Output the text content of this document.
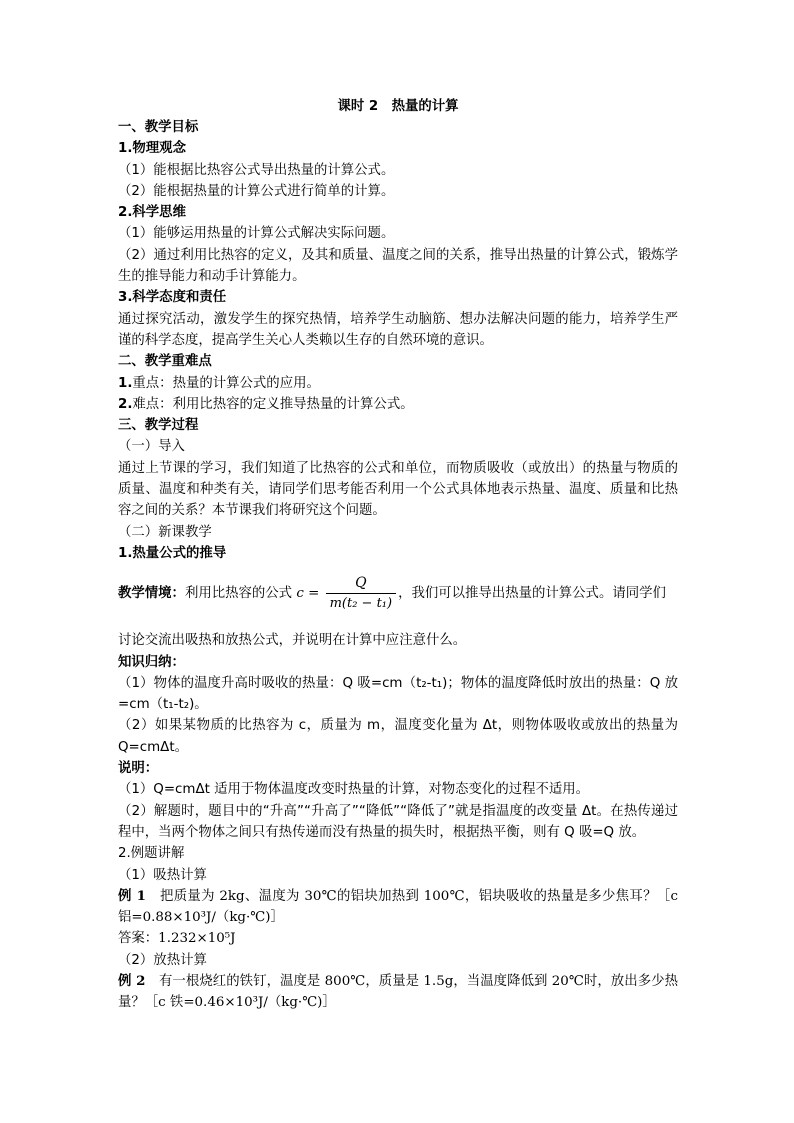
课时 2　热量的计算
一、教学目标
1.物理观念
（1）能根据比热容公式导出热量的计算公式。
（2）能根据热量的计算公式进行简单的计算。
2.科学思维
（1）能够运用热量的计算公式解决实际问题。
（2）通过利用比热容的定义，及其和质量、温度之间的关系，推导出热量的计算公式，锻炼学生的推导能力和动手计算能力。
3.科学态度和责任
通过探究活动，激发学生的探究热情，培养学生动脑筋、想办法解决问题的能力，培养学生严谨的科学态度，提高学生关心人类赖以生存的自然环境的意识。
二、教学重难点
1.重点：热量的计算公式的应用。
2.难点：利用比热容的定义推导热量的计算公式。
三、教学过程
（一）导入
通过上节课的学习，我们知道了比热容的公式和单位，而物质吸收（或放出）的热量与物质的质量、温度和种类有关，请同学们思考能否利用一个公式具体地表示热量、温度、质量和比热容之间的关系？本节课我们将研究这个问题。
（二）新课教学
1.热量公式的推导
教学情境：利用比热容的公式 $c = \frac{Q}{\text{m(t₂ − t₁)}}$ ，我们可以推导出热量的计算公式。请同学们
讨论交流出吸热和放热公式，并说明在计算中应注意什么。
知识归纳：
（1）物体的温度升高时吸收的热量：Q 吸=cm（t₂-t₁)；物体的温度降低时放出的热量：Q 放=cm（t₁-t₂)。
（2）如果某物质的比热容为 c，质量为 m，温度变化量为 Δt，则物体吸收或放出的热量为 Q=cmΔt。
说明：
（1）Q=cmΔt 适用于物体温度改变时热量的计算，对物态变化的过程不适用。
（2）解题时，题目中的“升高”“升高了”“降低”“降低了”就是指温度的改变量 Δt。在热传递过程中，当两个物体之间只有热传递而没有热量的损失时，根据热平衡，则有 Q 吸=Q 放。
2.例题讲解
（1）吸热计算
例 1　把质量为 2kg、温度为 30℃的铝块加热到 100℃，铝块吸收的热量是多少焦耳？［c 铝=0.88×10³J/（kg·℃)］
答案：1.232×10⁵J
（2）放热计算
例 2　有一根烧红的铁钉，温度是 800℃，质量是 1.5g，当温度降低到 20℃时，放出多少热量？［c 铁=0.46×10³J/（kg·℃)］
